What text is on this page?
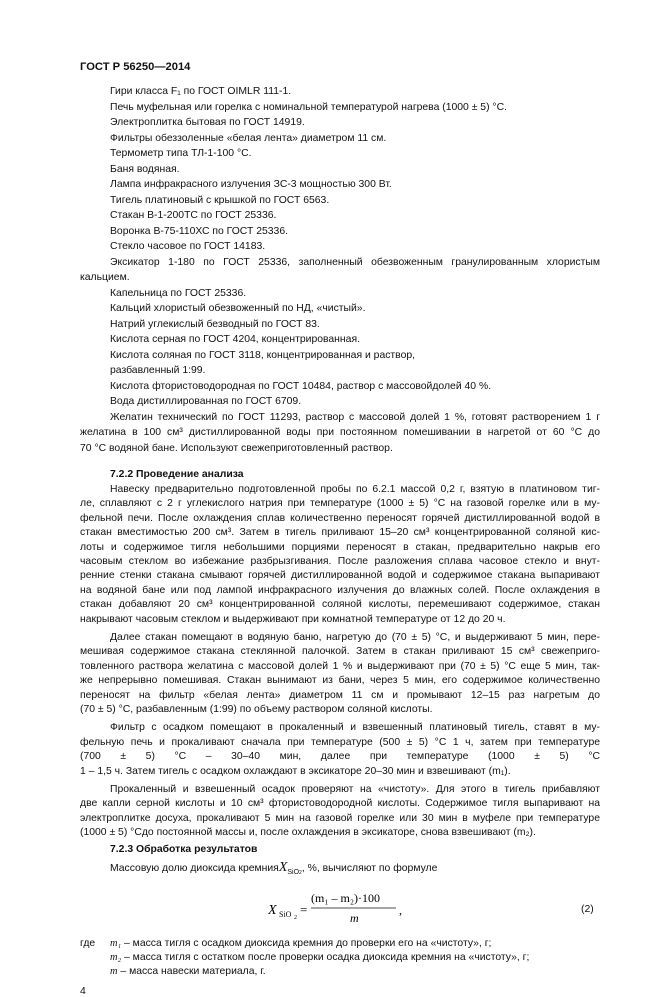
ГОСТ Р 56250—2014
Гири класса F₁ по ГОСТ OIMLR 111-1.
Печь муфельная или горелка с номинальной температурой нагрева (1000 ± 5) °С.
Электроплитка бытовая по ГОСТ 14919.
Фильтры обеззоленные «белая лента» диаметром 11 см.
Термометр типа ТЛ-1-100 °С.
Баня водяная.
Лампа инфракрасного излучения ЗС-3 мощностью 300 Вт.
Тигель платиновый с крышкой по ГОСТ 6563.
Стакан В-1-200ТС по ГОСТ 25336.
Воронка В-75-110ХС по ГОСТ 25336.
Стекло часовое по ГОСТ 14183.
Эксикатор 1-180 по ГОСТ 25336, заполненный обезвоженным гранулированным хлористым
кальцием.
Капельница по ГОСТ 25336.
Кальций хлористый обезвоженный по НД, «чистый».
Натрий углекислый безводный по ГОСТ 83.
Кислота серная по ГОСТ 4204, концентрированная.
Кислота соляная по ГОСТ 3118, концентрированная и раствор,
разбавленный 1:99.
Кислота фтористоводородная по ГОСТ 10484, раствор с массовойдолей 40 %.
Вода дистиллированная по ГОСТ 6709.
Желатин технический по ГОСТ 11293, раствор с массовой долей 1 %, готовят растворением 1 г
желатина в 100 см³ дистиллированной воды при постоянном помешивании в нагретой от 60 °С до
70 °С водяной бане. Используют свежеприготовленный раствор.
7.2.2 Проведение анализа
Навеску предварительно подготовленной пробы по 6.2.1 массой 0,2 г, взятую в платиновом тиг-
ле, сплавляют с 2 г углекислого натрия при температуре (1000 ± 5) °С на газовой горелке или в му-
фельной печи. После охлаждения сплав количественно переносят горячей дистиллированной водой в
стакан вместимостью 200 см³. Затем в тигель приливают 15–20 см³ концентрированной соляной кис-
лоты и содержимое тигля небольшими порциями переносят в стакан, предварительно накрыв его
часовым стеклом во избежание разбрызгивания. После разложения сплава часовое стекло и внут-
ренние стенки стакана смывают горячей дистиллированной водой и содержимое стакана выпаривают
на водяной бане или под лампой инфракрасного излучения до влажных солей. После охлаждения в
стакан добавляют 20 см³ концентрированной соляной кислоты, перемешивают содержимое, стакан
накрывают часовым стеклом и выдерживают при комнатной температуре от 12 до 20 ч.
Далее стакан помещают в водяную баню, нагретую до (70 ± 5) °С, и выдерживают 5 мин, пере-
мешивая содержимое стакана стеклянной палочкой. Затем в стакан приливают 15 см³ свежеприго-
товленного раствора желатина с массовой долей 1 % и выдерживают при (70 ± 5) °С еще 5 мин, так-
же непрерывно помешивая. Стакан вынимают из бани, через 5 мин, его содержимое количественно
переносят на фильтр «белая лента» диаметром 11 см и промывают 12–15 раз нагретым до
(70 ± 5) °С, разбавленным (1:99) по объему раствором соляной кислоты.
Фильтр с осадком помещают в прокаленный и взвешенный платиновый тигель, ставят в му-
фельную печь и прокаливают сначала при температуре (500 ± 5) °С 1 ч, затем при температуре
(700 ± 5) °С – 30–40 мин, далее при температуре (1000 ± 5) °С
1 – 1,5 ч. Затем тигель с осадком охлаждают в эксикаторе 20–30 мин и взвешивают (m₁).
Прокаленный и взвешенный осадок проверяют на «чистоту». Для этого в тигель прибавляют
две капли серной кислоты и 10 см³ фтористоводородной кислоты. Содержимое тигля выпаривают на
электроплитке досуха, прокаливают 5 мин на газовой горелке или 30 мин в муфеле при температуре
(1000 ± 5) °Сдо постоянной массы и, после охлаждения в эксикаторе, снова взвешивают (m₂).
7.2.3 Обработка результатов
Массовую долю диоксида кремнияX$_{SiO2}$, %, вычисляют по формуле
m₁ – масса тигля с осадком диоксида кремния до проверки его на «чистоту», г;
m₂ – масса тигля с остатком после проверки осадка диоксида кремния на «чистоту», г;
m – масса навески материала, г.
X SiO 2
=
(m₁ – m₂)·100
m
,	(2)
где
4
